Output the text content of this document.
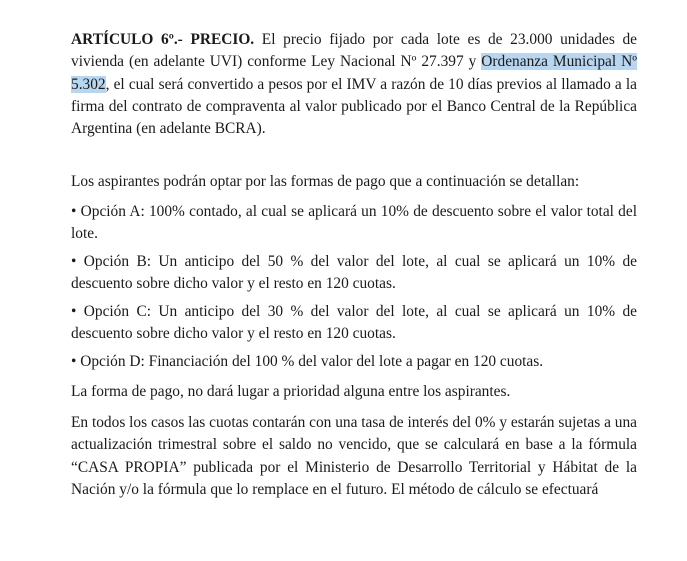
ARTÍCULO 6º.- PRECIO. El precio fijado por cada lote es de 23.000 unidades de vivienda (en adelante UVI) conforme Ley Nacional Nº 27.397 y Ordenanza Municipal Nº 5.302, el cual será convertido a pesos por el IMV a razón de 10 días previos al llamado a la firma del contrato de compraventa al valor publicado por el Banco Central de la República Argentina (en adelante BCRA).

Los aspirantes podrán optar por las formas de pago que a continuación se detallan:

• Opción A: 100% contado, al cual se aplicará un 10% de descuento sobre el valor total del lote.

• Opción B: Un anticipo del 50 % del valor del lote, al cual se aplicará un 10% de descuento sobre dicho valor y el resto en 120 cuotas.

• Opción C: Un anticipo del 30 % del valor del lote, al cual se aplicará un 10% de descuento sobre dicho valor y el resto en 120 cuotas.

• Opción D: Financiación del 100 % del valor del lote a pagar en 120 cuotas.

La forma de pago, no dará lugar a prioridad alguna entre los aspirantes.

En todos los casos las cuotas contarán con una tasa de interés del 0% y estarán sujetas a una actualización trimestral sobre el saldo no vencido, que se calculará en base a la fórmula “CASA PROPIA” publicada por el Ministerio de Desarrollo Territorial y Hábitat de la Nación y/o la fórmula que lo remplace en el futuro. El método de cálculo se efectuará
